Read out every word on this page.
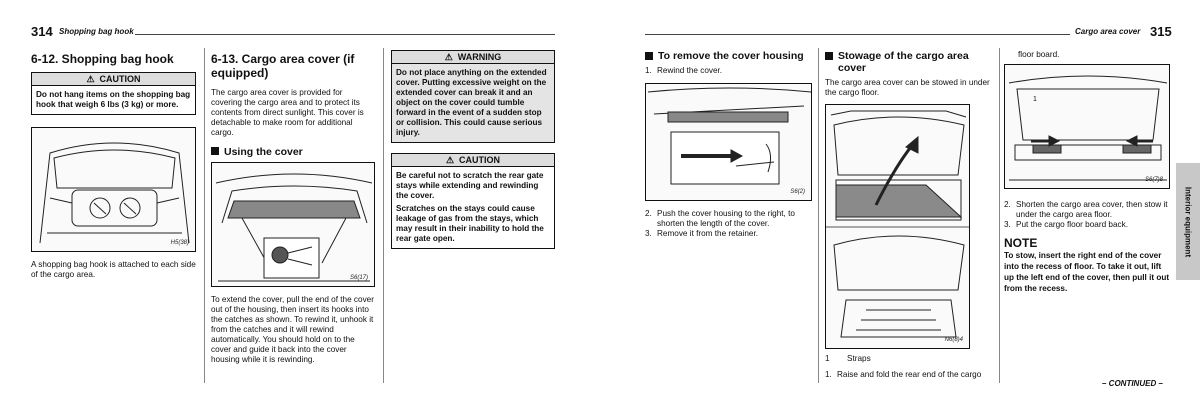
314 Shopping bag hook	Cargo area cover 315
6-12. Shopping bag hook
⚠ CAUTION
Do not hang items on the shopping bag hook that weigh 6 lbs (3 kg) or more.
H5(38)

A shopping bag hook is attached to each side of the cargo area.

6-13. Cargo area cover (if equipped)

The cargo area cover is provided for covering the cargo area and to protect its contents from direct sunlight. This cover is detachable to make room for additional cargo.

Using the cover
S6(17)

To extend the cover, pull the end of the cover out of the housing, then insert its hooks into the catches as shown. To rewind it, unhook it from the catches and it will rewind automatically. You should hold on to the cover and guide it back into the cover housing while it is rewinding.

⚠ WARNING
Do not place anything on the extended cover. Putting excessive weight on the extended cover can break it and an object on the cover could tumble forward in the event of a sudden stop or collision. This could cause serious injury.
⚠ CAUTION

Be careful not to scratch the rear gate stays while extending and rewinding the cover.

Scratches on the stays could cause leakage of gas from the stays, which may result in their inability to hold the rear gate open.

To remove the cover housing
1. Rewind the cover.
S6(2)
2. Push the cover housing to the right, to shorten the length of the cover.
3. Remove it from the retainer.
Stowage of the cargo area cover

The cargo area cover can be stowed in under the cargo floor.

N6(8)4
1	Straps
1. Raise and fold the rear end of the cargo

floor board.

1
S6(7)8
2. Shorten the cargo area cover, then stow it under the cargo area floor.
3. Put the cargo floor board back.
NOTE

To stow, insert the right end of the cover into the recess of floor. To take it out, lift up the left end of the cover, then pull it out from the recess.

Interior equipment
– CONTINUED –
